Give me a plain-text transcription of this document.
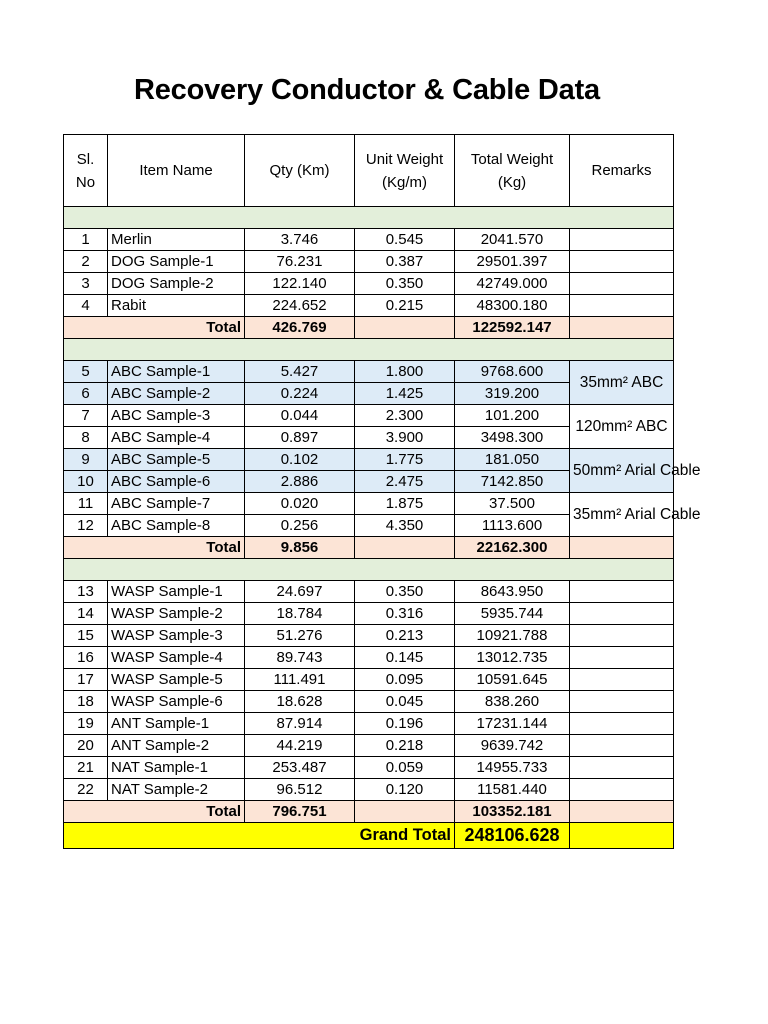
Recovery Conductor & Cable Data
Sl. No	Item Name	Qty (Km)	Unit Weight (Kg/m)	Total Weight (Kg)	Remarks

1	Merlin	3.746	0.545	2041.570	
2	DOG Sample-1	76.231	0.387	29501.397	
3	DOG Sample-2	122.140	0.350	42749.000	
4	Rabit	224.652	0.215	48300.180	
Total		426.769		122592.147	

5	ABC Sample-1	5.427	1.800	9768.600	35mm² ABC
6	ABC Sample-2	0.224	1.425	319.200	
7	ABC Sample-3	0.044	2.300	101.200	120mm² ABC
8	ABC Sample-4	0.897	3.900	3498.300	
9	ABC Sample-5	0.102	1.775	181.050	50mm² Arial Cable
10	ABC Sample-6	2.886	2.475	7142.850	
11	ABC Sample-7	0.020	1.875	37.500	35mm² Arial Cable
12	ABC Sample-8	0.256	4.350	1113.600	
Total		9.856		22162.300	

13	WASP Sample-1	24.697	0.350	8643.950	
14	WASP Sample-2	18.784	0.316	5935.744	
15	WASP Sample-3	51.276	0.213	10921.788	
16	WASP Sample-4	89.743	0.145	13012.735	
17	WASP Sample-5	111.491	0.095	10591.645	
18	WASP Sample-6	18.628	0.045	838.260	
19	ANT Sample-1	87.914	0.196	17231.144	
20	ANT Sample-2	44.219	0.218	9639.742	
21	NAT Sample-1	253.487	0.059	14955.733	
22	NAT Sample-2	96.512	0.120	11581.440	
Total		796.751		103352.181	
Grand Total				248106.628	
